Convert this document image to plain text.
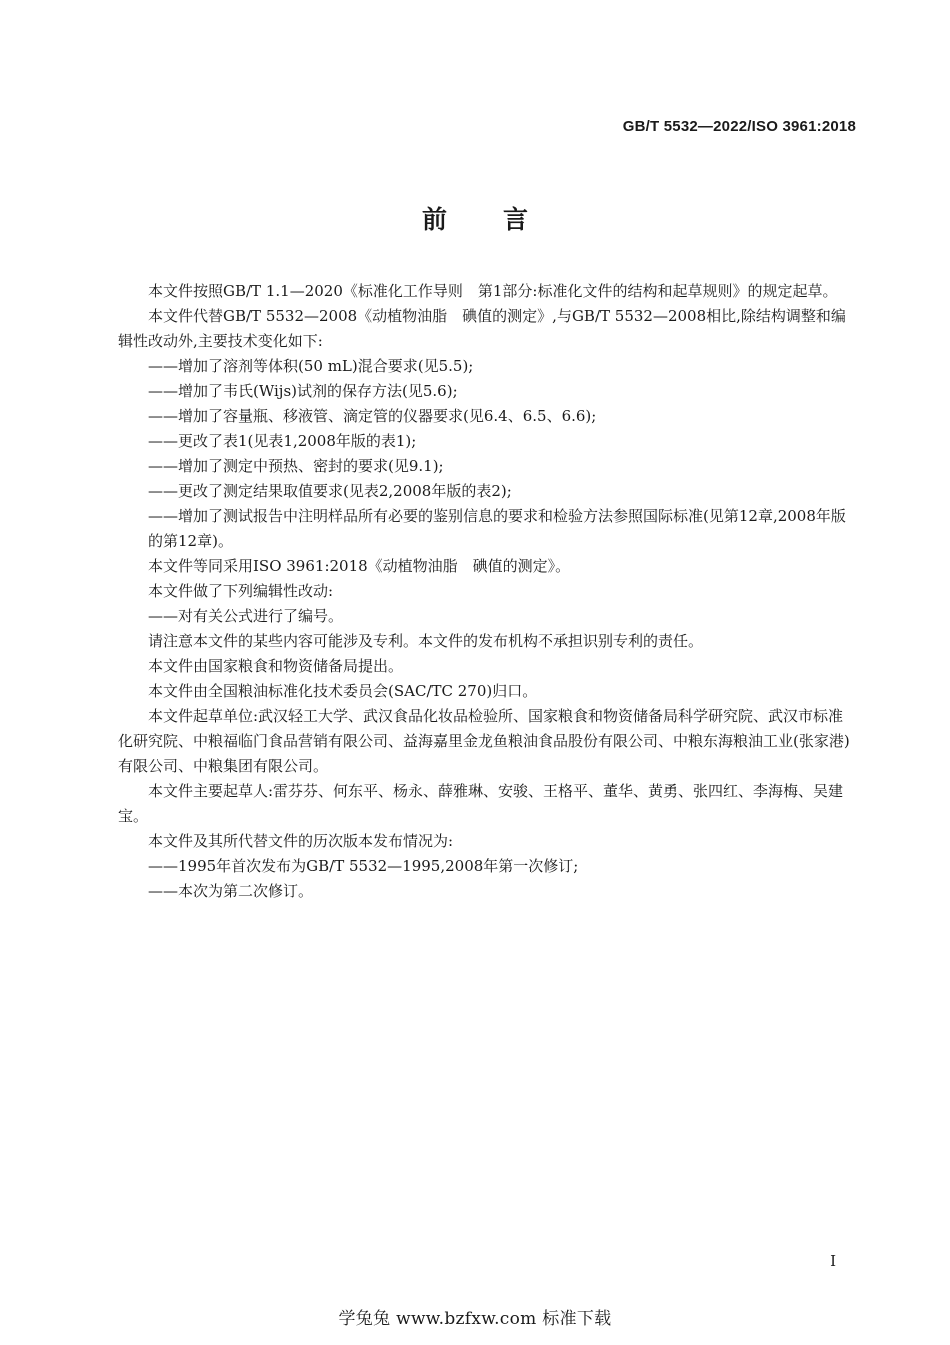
GB/T 5532—2022/ISO 3961:2018
前言

本文件按照GB/T 1.1—2020《标准化工作导则　第1部分:标准化文件的结构和起草规则》的规定起草。

本文件代替GB/T 5532—2008《动植物油脂　碘值的测定》,与GB/T 5532—2008相比,除结构调整和编辑性改动外,主要技术变化如下:

——增加了溶剂等体积(50 mL)混合要求(见5.5);

——增加了韦氏(Wijs)试剂的保存方法(见5.6);

——增加了容量瓶、移液管、滴定管的仪器要求(见6.4、6.5、6.6);

——更改了表1(见表1,2008年版的表1);

——增加了测定中预热、密封的要求(见9.1);

——更改了测定结果取值要求(见表2,2008年版的表2);

——增加了测试报告中注明样品所有必要的鉴别信息的要求和检验方法参照国际标准(见第12章,2008年版的第12章)。

本文件等同采用ISO 3961:2018《动植物油脂　碘值的测定》。

本文件做了下列编辑性改动:

——对有关公式进行了编号。

请注意本文件的某些内容可能涉及专利。本文件的发布机构不承担识别专利的责任。

本文件由国家粮食和物资储备局提出。

本文件由全国粮油标准化技术委员会(SAC/TC 270)归口。

本文件起草单位:武汉轻工大学、武汉食品化妆品检验所、国家粮食和物资储备局科学研究院、武汉市标准化研究院、中粮福临门食品营销有限公司、益海嘉里金龙鱼粮油食品股份有限公司、中粮东海粮油工业(张家港)有限公司、中粮集团有限公司。

本文件主要起草人:雷芬芬、何东平、杨永、薛雅琳、安骏、王格平、董华、黄勇、张四红、李海梅、吴建宝。

本文件及其所代替文件的历次版本发布情况为:

——1995年首次发布为GB/T 5532—1995,2008年第一次修订;

——本次为第二次修订。

I
学兔兔 www.bzfxw.com 标准下载
